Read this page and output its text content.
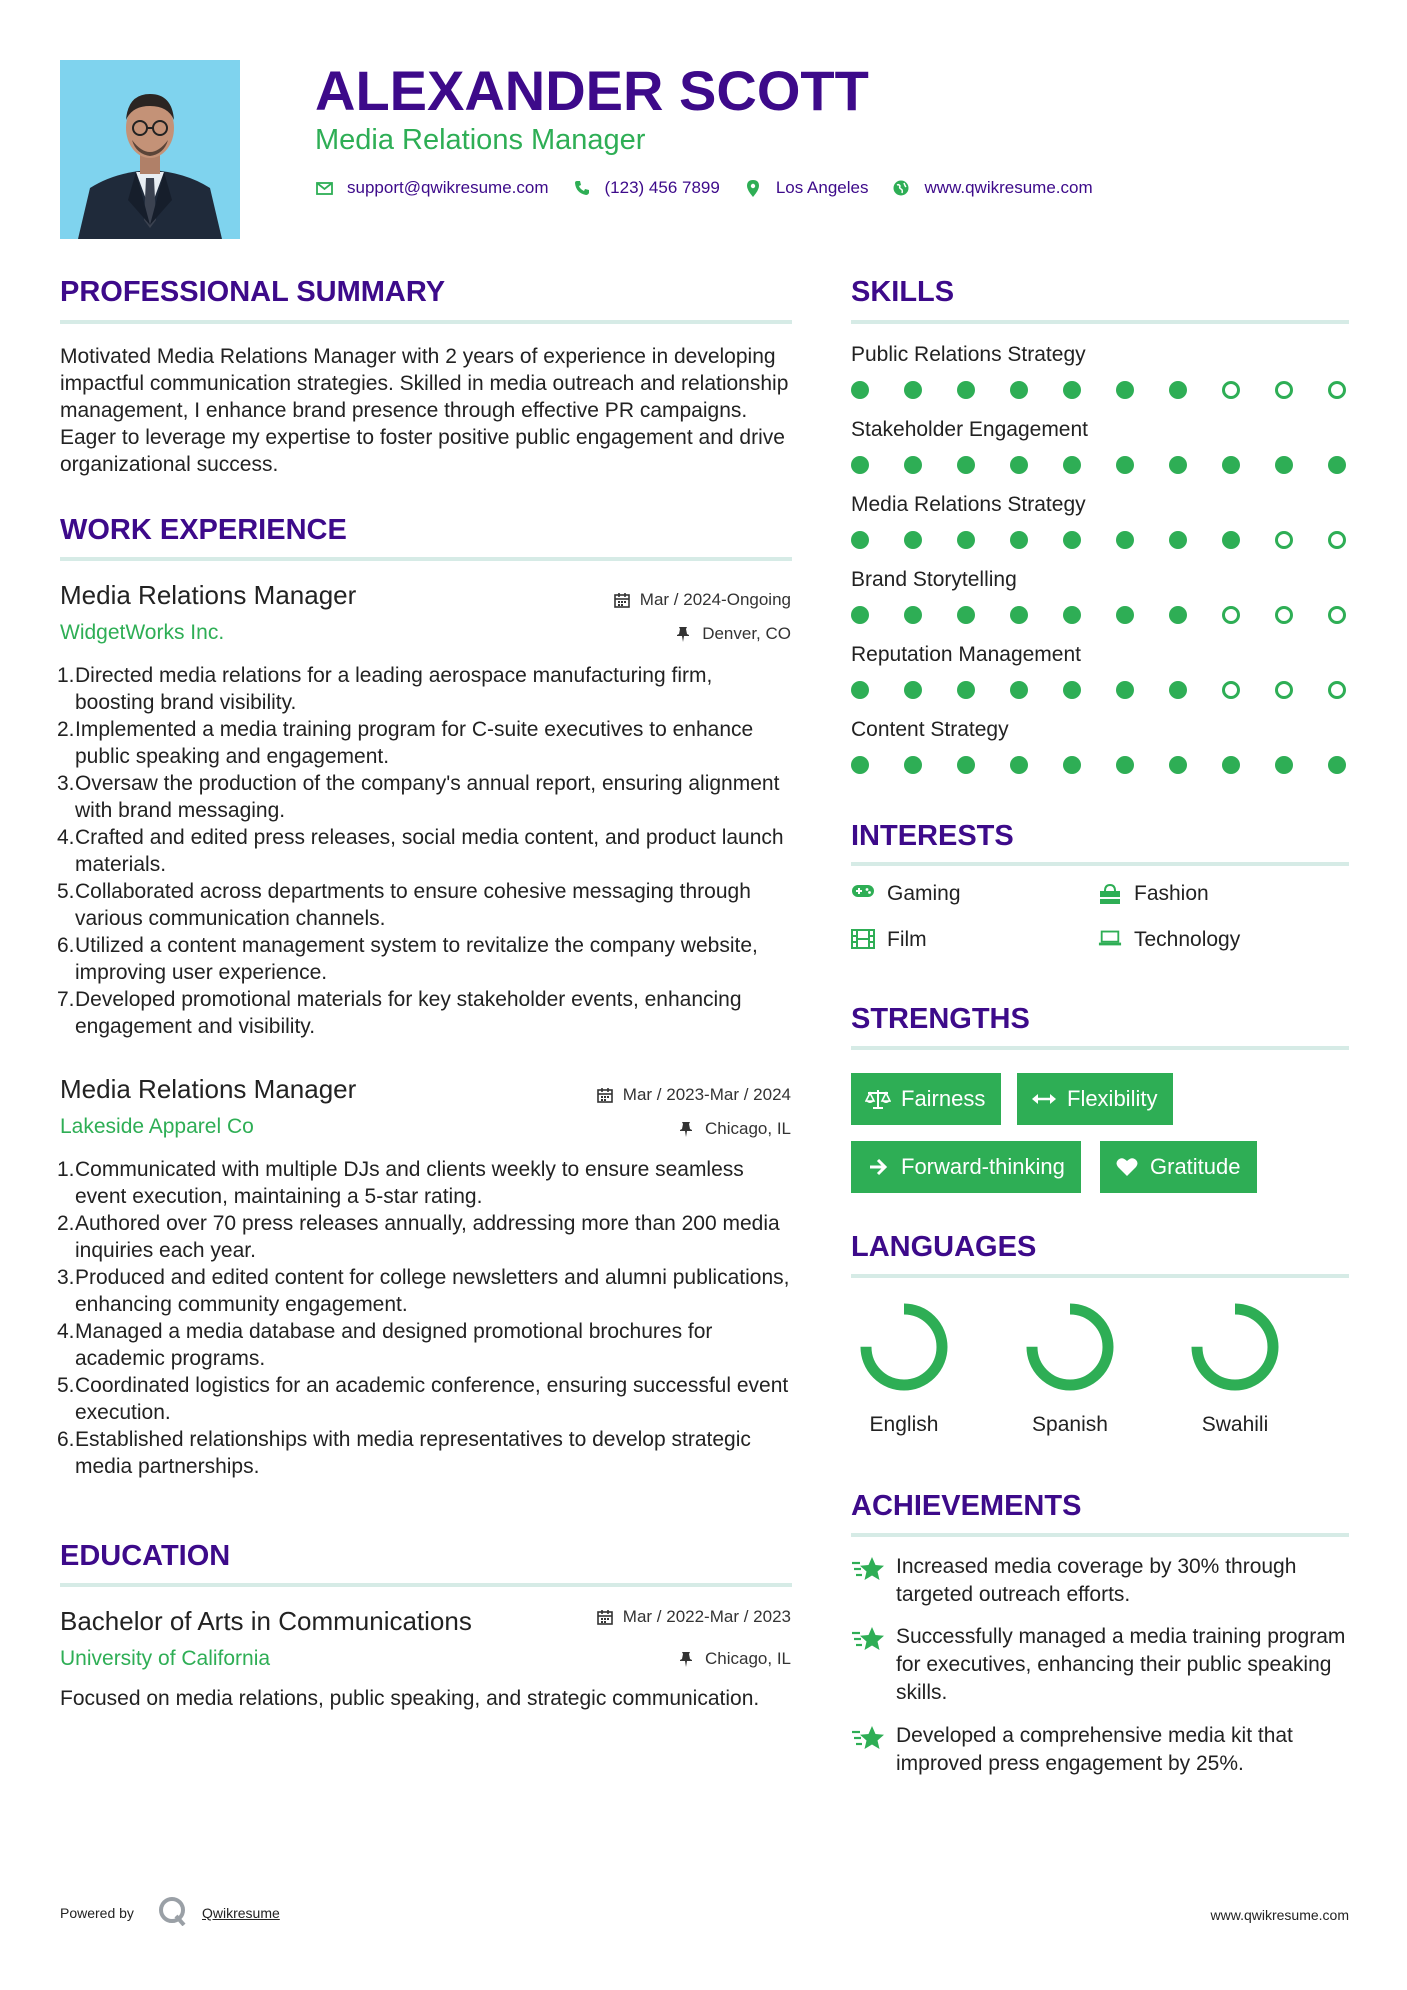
ALEXANDER SCOTT
Media Relations Manager
support@qwikresume.com	(123) 456 7899	Los Angeles	www.qwikresume.com
PROFESSIONAL SUMMARY
Motivated Media Relations Manager with 2 years of experience in developing impactful communication strategies. Skilled in media outreach and relationship management, I enhance brand presence through effective PR campaigns. Eager to leverage my expertise to foster positive public engagement and drive organizational success.
WORK EXPERIENCE
Media Relations Manager	Mar / 2024-Ongoing
WidgetWorks Inc.	Denver, CO
1. Directed media relations for a leading aerospace manufacturing firm, boosting brand visibility.
2. Implemented a media training program for C-suite executives to enhance public speaking and engagement.
3. Oversaw the production of the company's annual report, ensuring alignment with brand messaging.
4. Crafted and edited press releases, social media content, and product launch materials.
5. Collaborated across departments to ensure cohesive messaging through various communication channels.
6. Utilized a content management system to revitalize the company website, improving user experience.
7. Developed promotional materials for key stakeholder events, enhancing engagement and visibility.
Media Relations Manager	Mar / 2023-Mar / 2024
Lakeside Apparel Co	Chicago, IL
1. Communicated with multiple DJs and clients weekly to ensure seamless event execution, maintaining a 5-star rating.
2. Authored over 70 press releases annually, addressing more than 200 media inquiries each year.
3. Produced and edited content for college newsletters and alumni publications, enhancing community engagement.
4. Managed a media database and designed promotional brochures for academic programs.
5. Coordinated logistics for an academic conference, ensuring successful event execution.
6. Established relationships with media representatives to develop strategic media partnerships.
EDUCATION
Bachelor of Arts in Communications	Mar / 2022-Mar / 2023
University of California	Chicago, IL
Focused on media relations, public speaking, and strategic communication.
SKILLS
Public Relations Strategy
Stakeholder Engagement
Media Relations Strategy
Brand Storytelling
Reputation Management
Content Strategy
INTERESTS
Gaming	Fashion
Film	Technology
STRENGTHS
Fairness	Flexibility
Forward-thinking	Gratitude
LANGUAGES
English	Spanish	Swahili
ACHIEVEMENTS
Increased media coverage by 30% through targeted outreach efforts.
Successfully managed a media training program for executives, enhancing their public speaking skills.
Developed a comprehensive media kit that improved press engagement by 25%.
Powered by	Qwikresume	www.qwikresume.com
